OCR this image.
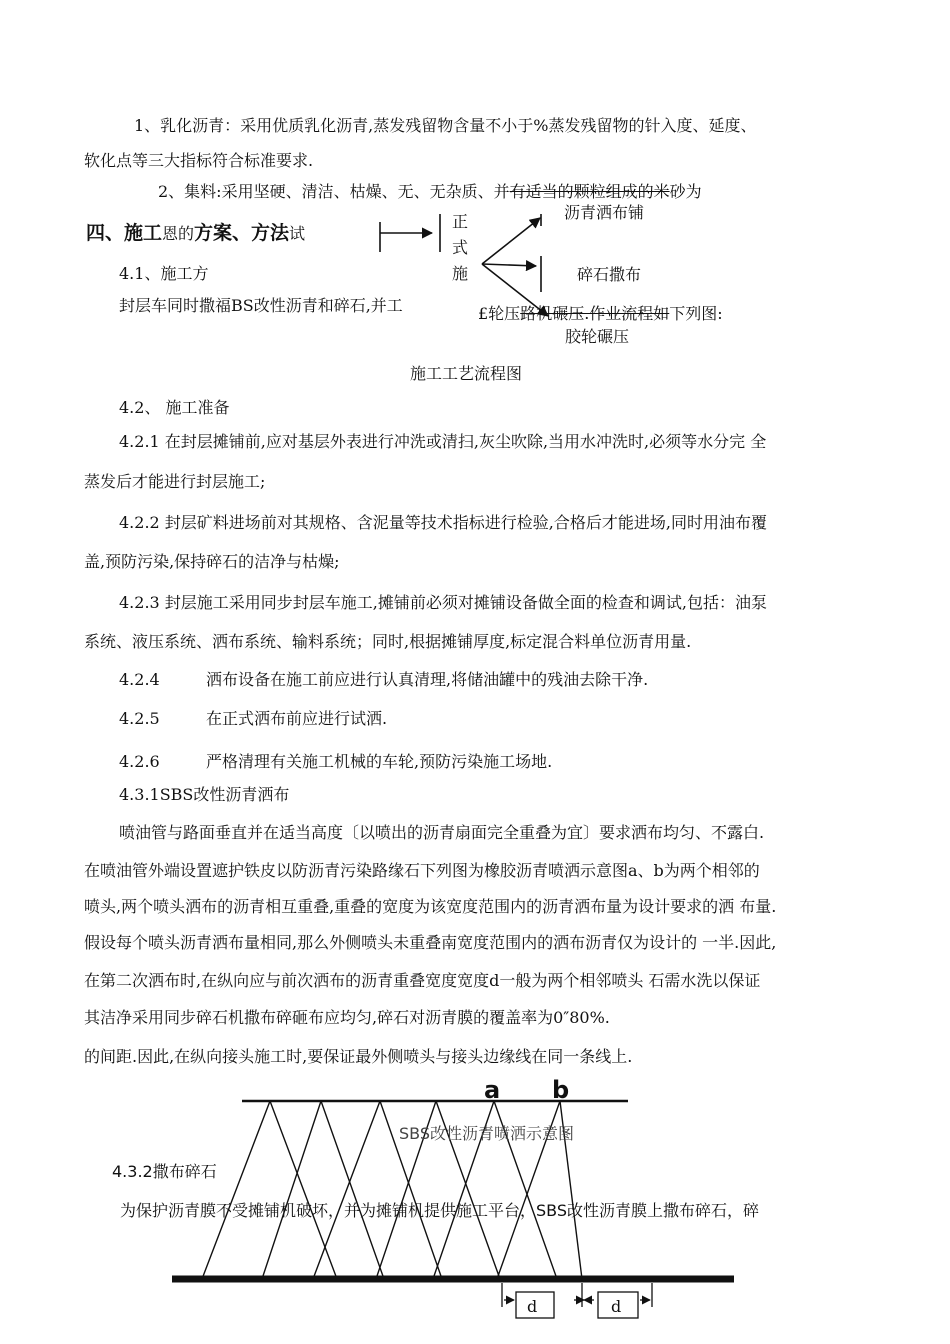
1、乳化沥青：采用优质乳化沥青,蒸发残留物含量不小于%蒸发残留物的针入度、延度、
软化点等三大指标符合标准要求.
2、集料:采用坚硬、清洁、枯燥、无、无杂质、并有适当的颗粒组成的米砂为
四、施工恩的方案、方法试
4.1、施工方
封层车同时撒福BS改性沥青和碎石,并工	£轮压路机碾压.作业流程如下列图:
正
式
施
沥青洒布铺
碎石撒布
胶轮碾压
施工工艺流程图
4.2、 施工准备
4.2.1 在封层摊铺前,应对基层外表进行冲洗或清扫,灰尘吹除,当用水冲洗时,必须等水分完 全
蒸发后才能进行封层施工;
4.2.2 封层矿料进场前对其规格、含泥量等技术指标进行检验,合格后才能进场,同时用油布覆
盖,预防污染,保持碎石的洁净与枯燥;
4.2.3 封层施工采用同步封层车施工,摊铺前必须对摊铺设备做全面的检查和调试,包括：油泵
系统、液压系统、洒布系统、输料系统；同时,根据摊铺厚度,标定混合料单位沥青用量.
4.2.4	洒布设备在施工前应进行认真清理,将储油罐中的残油去除干净.
4.2.5	在正式洒布前应进行试洒.
4.2.6	严格清理有关施工机械的车轮,预防污染施工场地.
4.3.1SBS改性沥青洒布
喷油管与路面垂直并在适当高度〔以喷出的沥青扇面完全重叠为宜〕要求洒布均匀、不露白.
在喷油管外端设置遮护铁皮以防沥青污染路缘石下列图为橡胶沥青喷洒示意图a、b为两个相邻的
喷头,两个喷头洒布的沥青相互重叠,重叠的宽度为该宽度范围内的沥青洒布量为设计要求的洒 布量.
假设每个喷头沥青洒布量相同,那么外侧喷头未重叠南宽度范围内的洒布沥青仅为设计的 一半.因此,
在第二次洒布时,在纵向应与前次洒布的沥青重叠宽度宽度d一般为两个相邻喷头 石需水洗以保证
其洁净采用同步碎石机撒布碎砸布应均匀,碎石对沥青膜的覆盖率为0″80%.
的间距.因此,在纵向接头施工时,要保证最外侧喷头与接头边缘线在同一条线上.
a b
SBS改性沥青喷洒示意图
d	d
4.3.2撒布碎石
为保护沥青膜不受摊铺机破坏，并为摊铺机提供施工平台，SBS改性沥青膜上撒布碎石，碎
